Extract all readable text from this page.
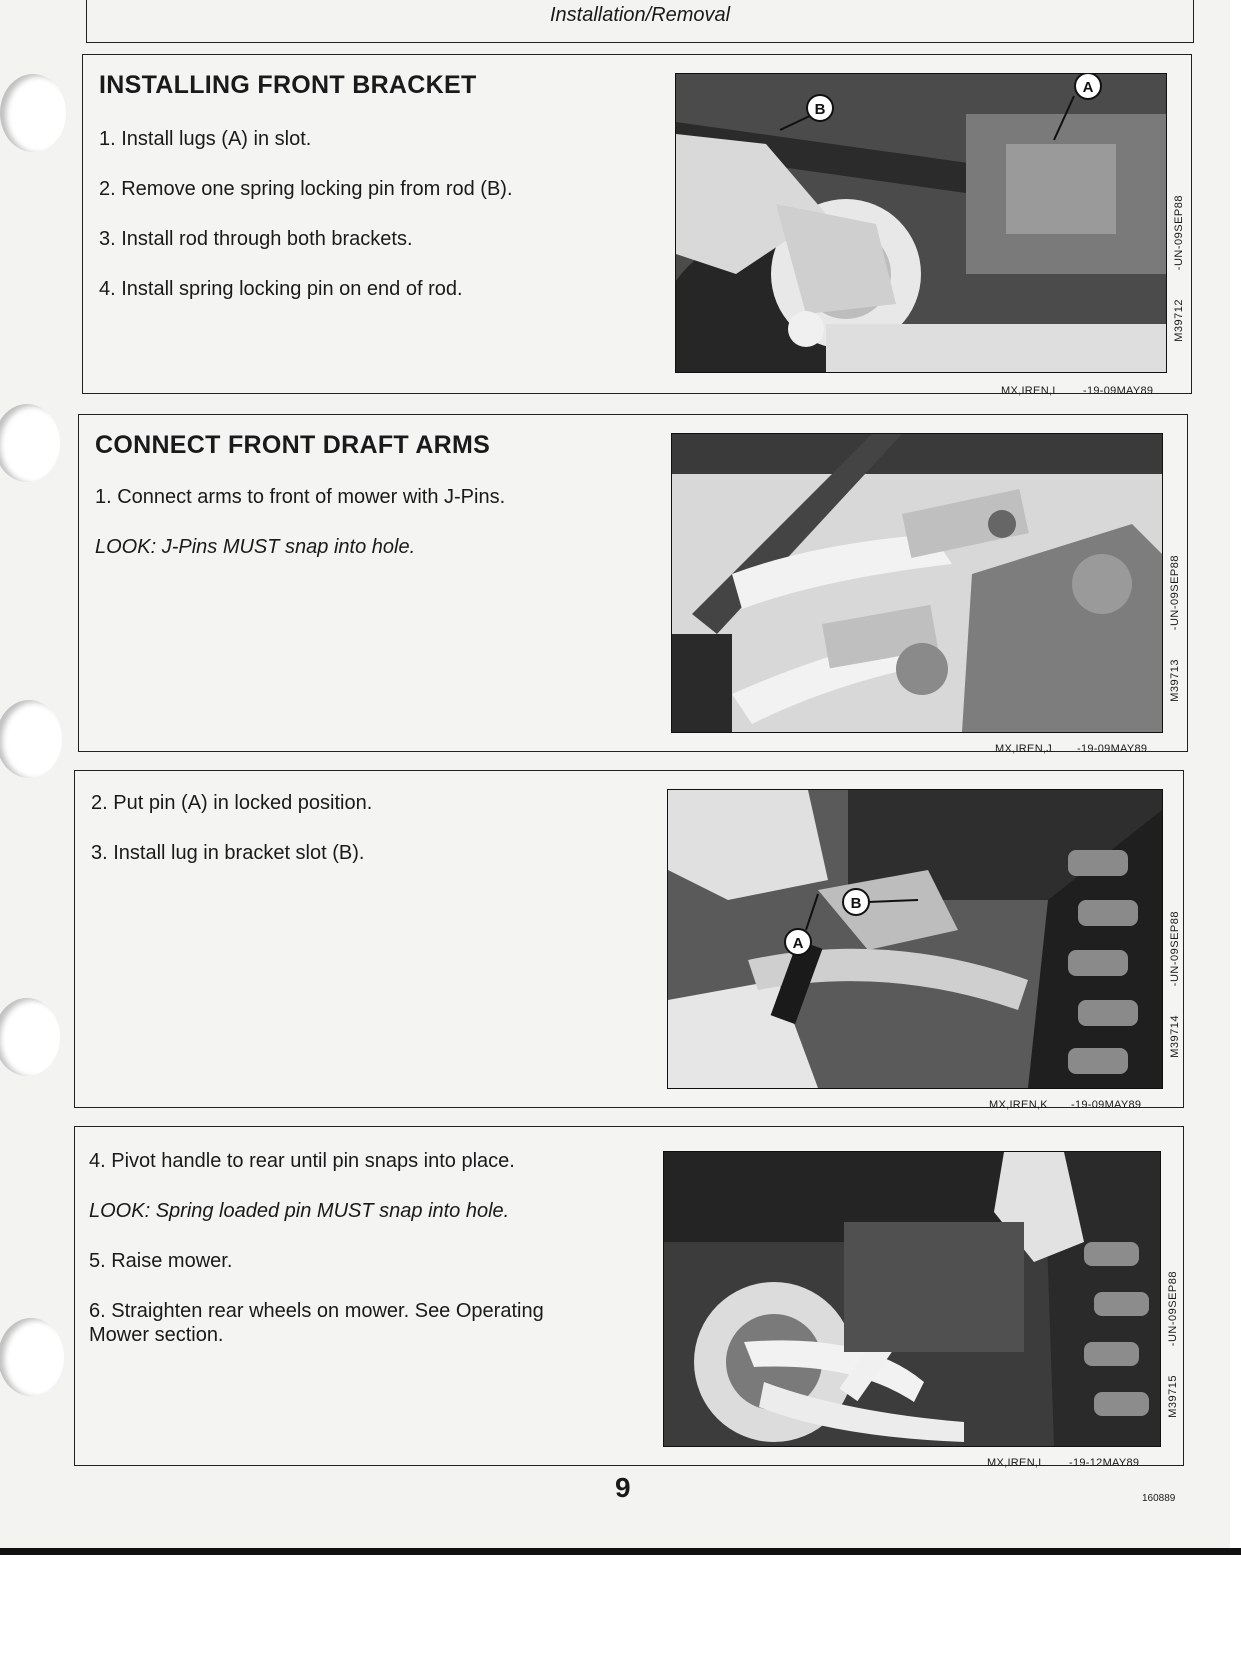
Installation/Removal
INSTALLING FRONT BRACKET
1. Install lugs (A) in slot.
2. Remove one spring locking pin from rod (B).
3. Install rod through both brackets.
4. Install spring locking pin on end of rod.
B
A
M39712
-UN-09SEP88
MX,IREN,I -19-09MAY89
CONNECT FRONT DRAFT ARMS
1. Connect arms to front of mower with J-Pins.
LOOK: J-Pins MUST snap into hole.
M39713
-UN-09SEP88
MX,IREN,J -19-09MAY89
2. Put pin (A) in locked position.
3. Install lug in bracket slot (B).
A
B
M39714
-UN-09SEP88
MX,IREN,K -19-09MAY89
4. Pivot handle to rear until pin snaps into place.
LOOK: Spring loaded pin MUST snap into hole.
5. Raise mower.
6. Straighten rear wheels on mower. See Operating
Mower section.
M39715
-UN-09SEP88
MX,IREN,L -19-12MAY89
9	160889
